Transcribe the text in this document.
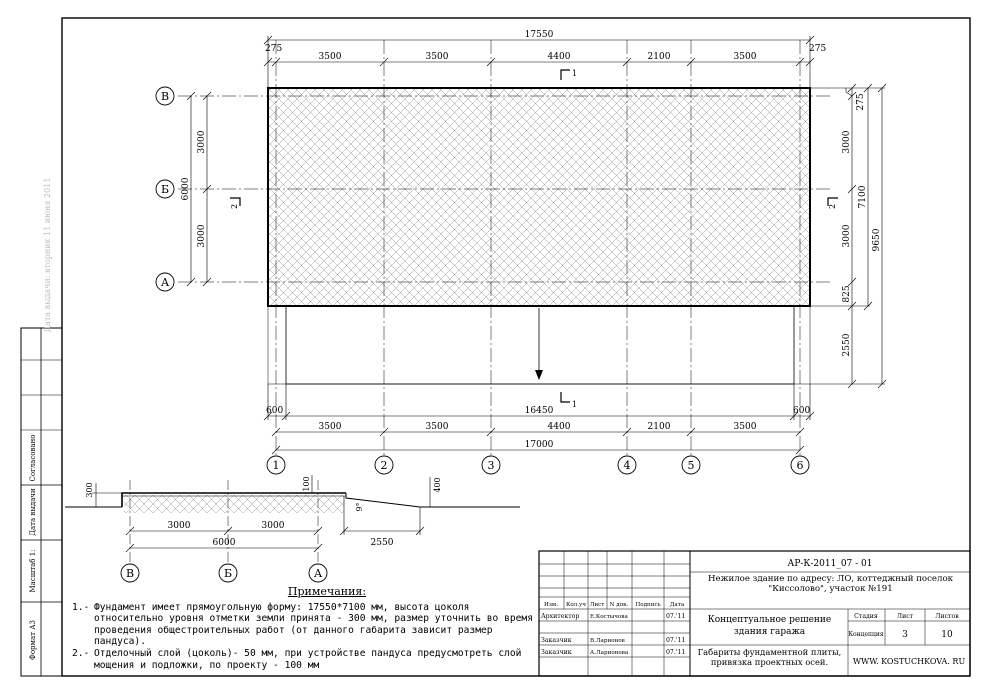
Согласовано
Дата выдачи
Масштаб 1:
Формат А3
Дата выдачи: вторник 11 июня 2011
В
Б
А
1	2	3	4	5	6
17550
275	275
3500	3500	4400	2100	3500
600	16450	600
3500	3500	4400	2100	3500
17000
6000
3000
3000
275
3000
3000
825
7100
2550
9650
1
1
2	2
300	100	400
9°
3000	3000
6000	2550
В	Б	А
Изм. Кол.уч Лист N док. Подпись Дата
Архитектор Е.Костычова	07.'11
Заказчик	В.Ларионов	07.'11
Заказчик	А.Ларионова	07.'11
АР-К-2011_07 - 01
Нежилое здание по адресу: ЛО, коттеджный поселок "Киссолово", участок №191
Концептуальное решение здания гаража
Габариты фундаментной плиты, привязка проектных осей.
Стадия	Лист	Листов
Концепция 3	10
WWW. KOSTUCHKOVA. RU
Примечания:
1.- Фундамент имеет прямоугольную форму: 17550*7100 мм, высота цоколя относительно уровня отметки земли принята - 300 мм, размер уточнить во время проведения общестроительных работ (от данного габарита зависит размер пандуса).
2.- Отделочный слой (цоколь)- 50 мм, при устройстве пандуса предусмотреть слой мощения и подложки, по проекту - 100 мм
